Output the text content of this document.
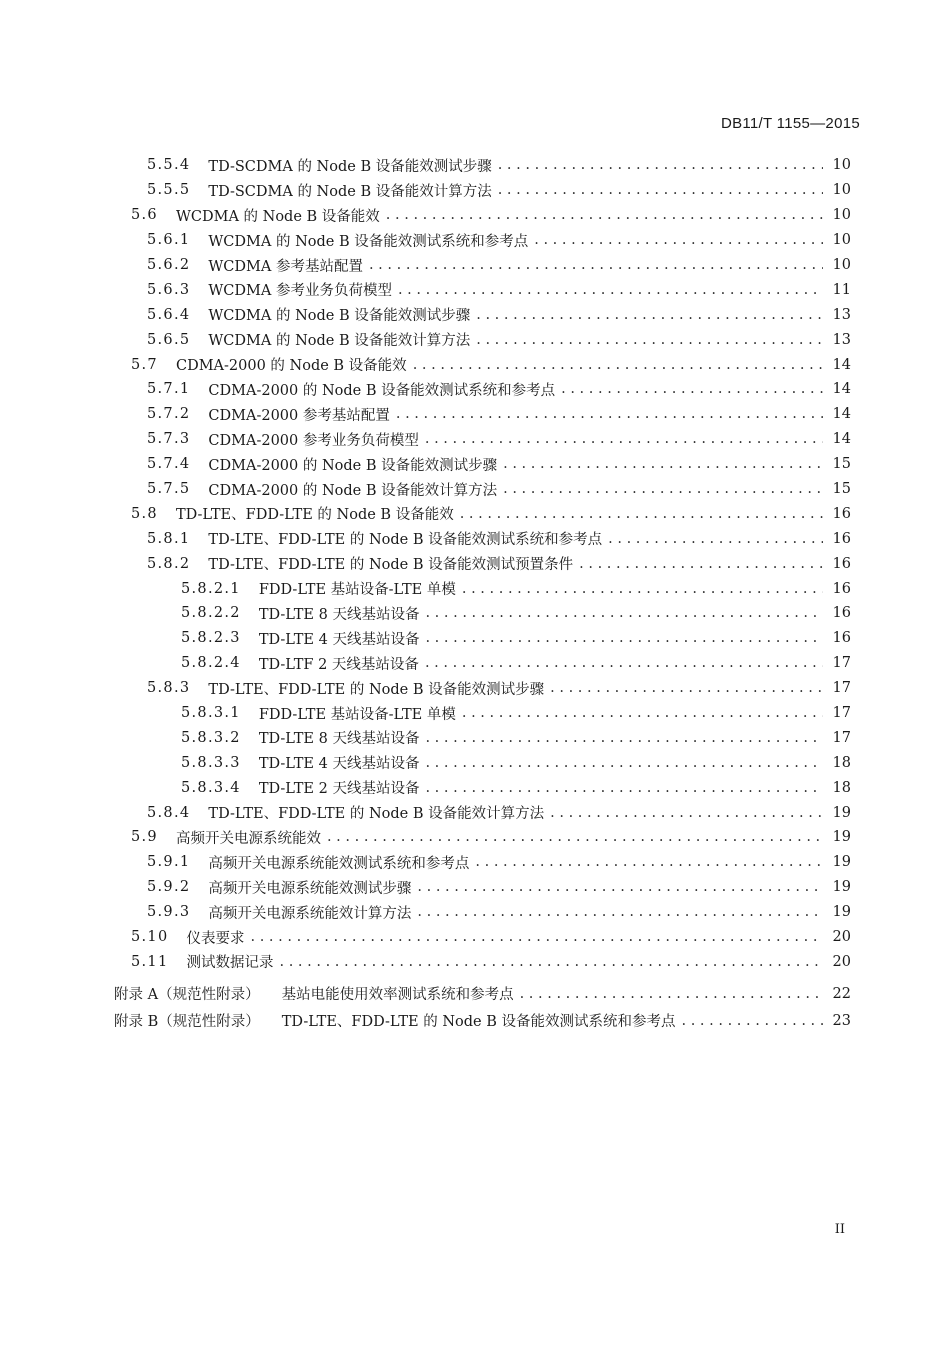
DB11/T 1155—2015
5.5.4 TD-SCDMA 的 Node B 设备能效测试步骤 . . .	10
5.5.5 TD-SCDMA 的 Node B 设备能效计算方法 . . .	10
5.6 WCDMA 的 Node B 设备能效 . . .	10
5.6.1 WCDMA 的 Node B 设备能效测试系统和参考点 . . .	10
5.6.2 WCDMA 参考基站配置 . . .	10
5.6.3 WCDMA 参考业务负荷模型 . . .	11
5.6.4 WCDMA 的 Node B 设备能效测试步骤 . . .	13
5.6.5 WCDMA 的 Node B 设备能效计算方法 . . .	13
5.7 CDMA-2000 的 Node B 设备能效 . . .	14
5.7.1 CDMA-2000 的 Node B 设备能效测试系统和参考点 . . .	14
5.7.2 CDMA-2000 参考基站配置 . . .	14
5.7.3 CDMA-2000 参考业务负荷模型 . . .	14
5.7.4 CDMA-2000 的 Node B 设备能效测试步骤 . . .	15
5.7.5 CDMA-2000 的 Node B 设备能效计算方法 . . .	15
5.8 TD-LTE、FDD-LTE 的 Node B 设备能效 . . .	16
5.8.1 TD-LTE、FDD-LTE 的 Node B 设备能效测试系统和参考点 . . .	16
5.8.2 TD-LTE、FDD-LTE 的 Node B 设备能效测试预置条件 . . .	16
5.8.2.1 FDD-LTE 基站设备-LTE 单模 . . .	16
5.8.2.2 TD-LTE 8 天线基站设备 . . .	16
5.8.2.3 TD-LTE 4 天线基站设备 . . .	16
5.8.2.4 TD-LTF 2 天线基站设备 . . .	17
5.8.3 TD-LTE、FDD-LTE 的 Node B 设备能效测试步骤 . . .	17
5.8.3.1 FDD-LTE 基站设备-LTE 单模 . . .	17
5.8.3.2 TD-LTE 8 天线基站设备 . . .	17
5.8.3.3 TD-LTE 4 天线基站设备 . . .	18
5.8.3.4 TD-LTE 2 天线基站设备 . . .	18
5.8.4 TD-LTE、FDD-LTE 的 Node B 设备能效计算方法 . . .	19
5.9 高频开关电源系统能效 . . .	19
5.9.1 高频开关电源系统能效测试系统和参考点 . . .	19
5.9.2 高频开关电源系统能效测试步骤 . . .	19
5.9.3 高频开关电源系统能效计算方法 . . .	19
5.10 仪表要求 . . .	20
5.11 测试数据记录 . . .	20
附录 A（规范性附录） 基站电能使用效率测试系统和参考点 . . .	22
附录 B（规范性附录） TD-LTE、FDD-LTE 的 Node B 设备能效测试系统和参考点 . . .	23
II
